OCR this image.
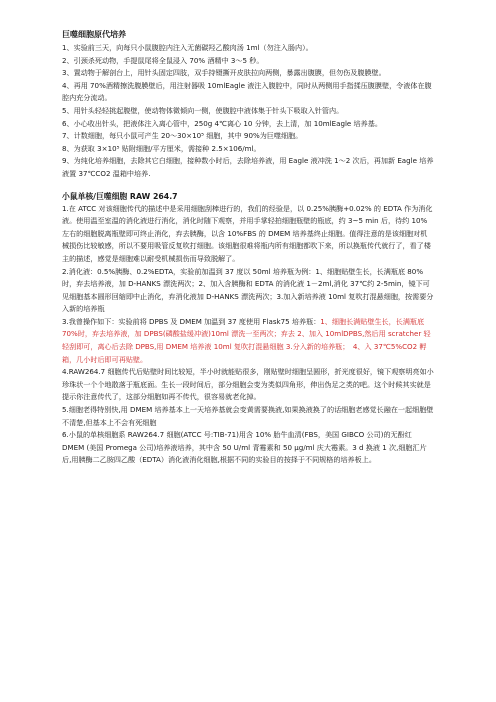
巨噬细胞原代培养

1、实验前三天，向每只小鼠腹腔内注入无菌碳羟乙酸肉汤 1ml（勿注入肠内）。

2、引颈杀死动物，手提鼠尾将全鼠浸入 70% 酒精中 3～5 秒。

3、置动物于解剖台上，用针头固定四肢，双手持镊撕开皮肤拉向两侧，暴露出腹膜，但勿伤及腹膜壁。

4、再用 70%酒精擦洗腹膜壁后，用注射器吸 10mlEagle 液注入腹腔中，同时从两侧用手指揉压腹膜壁，令液体在腹腔内充分流动。

5、用针头轻轻挑起腹壁，使动物体微倾向一侧，使腹腔中液体集于针头下吸取入针管内。

6、小心收出针头，把液体注入离心管中，250g 4℃离心 10 分钟，去上清，加 10mlEagle 培养基。

7、计数细胞，每只小鼠可产生 20～30×10⁵ 细胞，其中 90%为巨噬细胞。

8、为获取 3×10⁵ 贴附细胞/平方厘米，需接种 2.5×106/ml。

9、为纯化培养细胞，去除其它白细胞，接种数小时后，去除培养液，用 Eagle 液冲洗 1～2 次后，再加新 Eagle 培养液置 37℃CO2 温箱中培养.

小鼠单核/巨噬细胞 RAW 264.7

1.在 ATCC 对该细胞传代的描述中是采用细胞刮棒进行的，我们的经验是，以 0.25%胰酶+0.02% 的 EDTA 作为消化液。使用温至室温的消化液进行消化，消化时随下观察，并用手掌轻拍细胞瓶壁的瓶底，约 3~5 min 后，待约 10%左右的细胞脱离瓶壁即可终止消化，弃去胰酶，以含 10%FBS 的 DMEM 培养基终止细胞。值得注意的是该细胞对机械损伤比较敏感，所以不要用吸管反复吹打细胞。该细胞很难将瓶内所有细胞都吹下来，所以换瓶传代就行了，看了楼主的描述，感觉是细胞难以耐受机械损伤而导致脱解了。

2.消化液：0.5%胰酶、0.2%EDTA，实验前加温到 37 度以 50ml 培养瓶为例：1、细胞贴壁生长，长满瓶底 80%时，弃去培养液，加 D-HANKS 漂洗两次；2、加入含胰酶和 EDTA 的消化液 1－2ml,消化 37℃约 2-5min，镜下可见细胞基本圆形回缩即中止消化，弃消化液加 D-HANKS 漂洗两次；3.加入新培养液 10ml 复吹打混悬细胞，按需要分入新的培养瓶

3.我曾操作如下：实验前将 DPBS 及 DMEM 加温到 37 度使用 Flask75 培养瓶：1、细胞长满贴壁生长，长满瓶底 70%时，弃去培养液，加 DPBS(磷酸盐缓冲液)10ml 漂洗一至两次；弃去 2、加入 10mlDPBS,然后用 scratcher 轻轻刮即可，离心后去除 DPBS,用 DMEM 培养液 10ml 复吹打混悬细胞 3.分入新的培养瓶；　4、入 37℃5%CO2 孵箱，几小时后即可再贴壁。

4.RAW264.7 细胞传代后贴壁时间比较短，半小时就能贴很多，刚贴壁时细胞呈圆形，折光度很好，镜下观察明亮如小珍珠状一个个地散落于瓶底面。生长一段时间后，部分细胞会变为类似四角形，伸出伪足之类的吧。这个时候其实就是提示你注意传代了，这部分细胞如再不传代，很容易就老化掉。

5.细胞老得特别快,用 DMEM 培养基本上一天培养基就会变黄需要换液,如果换液换了的话细胞老感觉长融在一起细胞壁不清楚,但基本上不会有死细胞

6.小鼠的单核细胞系 RAW264.7 细胞(ATCC 号:TIB-71)用含 10% 胎牛血清(FBS，美国 GIBCO 公司)的无酚红 DMEM (美国 Promega 公司)培养液培养，其中含 50 U/ml 青霉素和 50 μg/ml 庆大霉素。3 d 换液 1 次,细胞汇片后,用胰酶二乙胺四乙酸（EDTA）消化液消化细胞,根据不同的实验目的按择于不同规格的培养板上。
